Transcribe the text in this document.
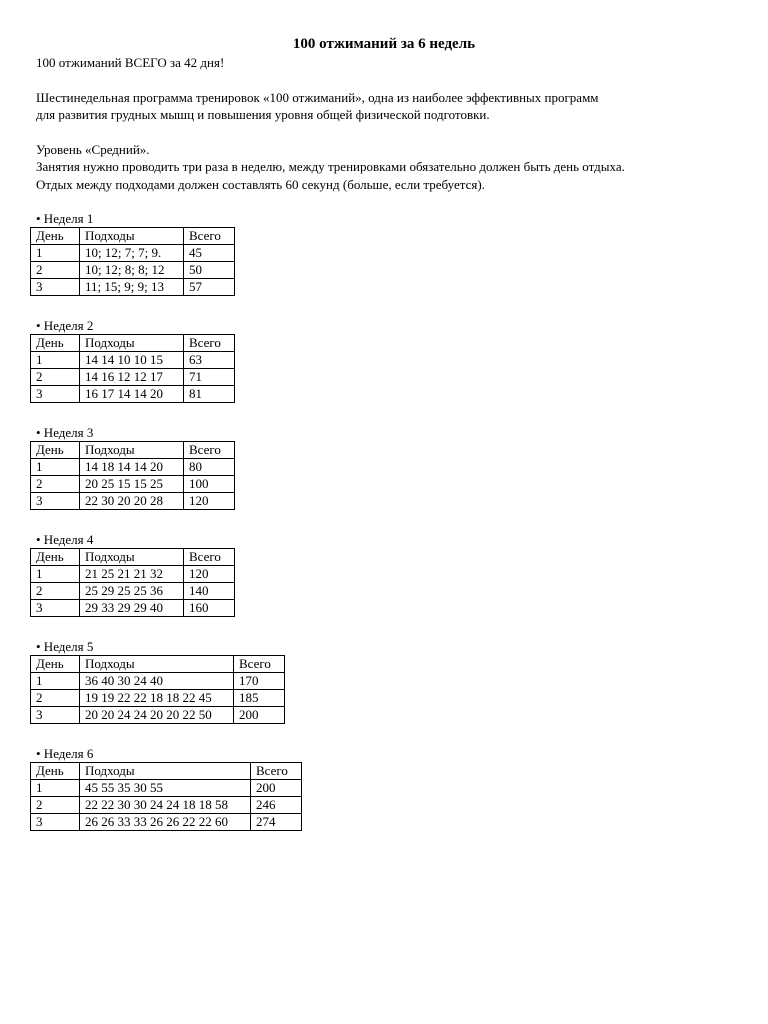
100 отжиманий за 6 недель
100 отжиманий ВСЕГО за 42 дня!
Шестинедельная программа тренировок «100 отжиманий», одна из наиболее эффективных программ
для развития грудных мышц и повышения уровня общей физической подготовки.
Уровень «Средний».
Занятия нужно проводить три раза в неделю, между тренировками обязательно должен быть день отдыха.
Отдых между подходами должен составлять 60 секунд (больше, если требуется).
• Неделя 1
День	Подходы	Всего
1	10; 12; 7; 7; 9.	45
2	10; 12; 8; 8; 12	50
3	11; 15; 9; 9; 13	57
• Неделя 2
День	Подходы	Всего
1	14 14 10 10 15	63
2	14 16 12 12 17	71
3	16 17 14 14 20	81
• Неделя 3
День	Подходы	Всего
1	14 18 14 14 20	80
2	20 25 15 15 25	100
3	22 30 20 20 28	120
• Неделя 4
День	Подходы	Всего
1	21 25 21 21 32	120
2	25 29 25 25 36	140
3	29 33 29 29 40	160
• Неделя 5
День	Подходы	Всего
1	36 40 30 24 40	170
2	19 19 22 22 18 18 22 45	185
3	20 20 24 24 20 20 22 50	200
• Неделя 6
День	Подходы	Всего
1	45 55 35 30 55	200
2	22 22 30 30 24 24 18 18 58	246
3	26 26 33 33 26 26 22 22 60	274
